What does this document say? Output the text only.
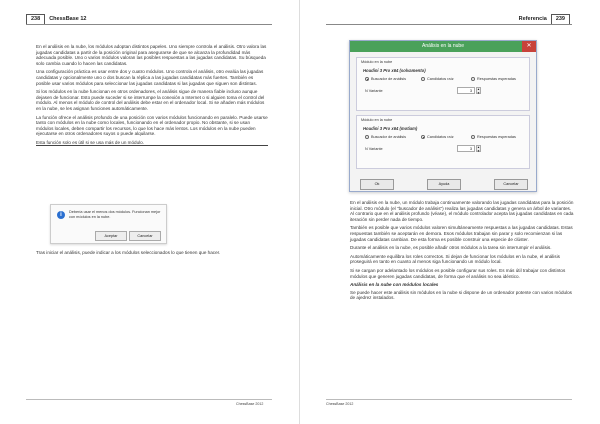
238	ChessBase 12

En el análisis en la nube, los módulos adoptan distintos papeles. Uno siempre controla el análisis. Otro valora las jugadas candidatas a partir de la posición original para asegurarse de que se alcanza la profundidad más adecuada posible. Uno o varios módulos valoran las posibles respuestas a las jugadas candidatas. Su búsqueda solo cambia cuando lo hacen las candidatas.

Una configuración práctica es usar entre dos y cuatro módulos. Uno controla el análisis, otro evalúa las jugadas candidatas y opcionalmente uno o dos buscan la réplica a las jugadas candidatas más fuertes. También es posible usar varios módulos para seleccionar las jugadas candidatas si las jugadas que siguen son distintas.

Si los módulos en la nube funcionan en otros ordenadores, el análisis sigue de manera fiable incluso aunque dejasen de funcionar. Esto puede suceder si se interrumpe la conexión a Internet o si alguien toma el control del módulo. Al menos el módulo de control del análisis debe estar en el ordenador local. Si se añaden más módulos en la nube, se les asignan funciones automáticamente.

La función ofrece el análisis profundo de una posición con varios módulos funcionando en paralelo. Puede usarse tanto con módulos en la nube como locales, funcionando en el ordenador propio. No obstante, si se usan módulos locales, deben compartir los recursos, lo que los hace más lentos. Los módulos en la nube pueden ejecutarse en otros ordenadores suyos o puede alquilarse.

Esta función solo es útil si se usa más de un módulo.

i	Debería usar el menos dos módulos. Funcionan mejor con módulos en la nube.
Aceptar	Cancelar

Tras iniciar el análisis, puede indicar a los módulos seleccionados lo que tienen que hacer.

ChessBase 2012
Referencia	239

En el análisis en la nube, un módulo trabaja continuamente valorando las jugadas candidatas para la posición inicial. Otro módulo (el "buscador de análisis") realiza las jugadas candidatas y genera un árbol de variantes. Al contrario que en el análisis profundo (véase), el módulo controlador acepta las jugadas candidatas en cada iteración sin perder nada de tiempo.

También es posible que varios módulos valoren simultáneamente respuestas a las jugadas candidatas. Estas respuestas también se aceptarán en demora. Esos módulos trabajan sin parar y solo recomienzan si las jugadas candidatas cambian. De esta forma es posible construir una especie de clúster.

Durante el análisis en la nube, es posible añadir otros módulos a la tarea sin interrumpir el análisis.

Automáticamente equilibra los roles correctos. Si dejan de funcionar los módulos en la nube, el análisis proseguirá en tanto en cuanto al menos siga funcionando un módulo local.

Si se cargan por adelantado los módulos es posible configurar sus roles. Es más útil trabajar con distintos módulos que generen jugadas candidatas, de forma que el análisis no sea idéntico.

Análisis en la nube con módulos locales

Se puede hacer este análisis sin módulos en la nube si dispone de un ordenador potente con varios módulos de ajedrez instalados.

ChessBase 2012
Análisis en la nube	✕
Módulo en la nube
Houdini 3 Pro x64 (solvamento)
Buscador de análisis	Candidatos raíz	Respuestas esperadas
N Variante	3	▲
▼
Módulo en la nube
Houdini 3 Pro x64 (motiam)
Buscador de análisis	Candidatos raíz	Respuestas esperadas
N Variante	3	▲
▼
Ok	Ayuda	Cancelar
